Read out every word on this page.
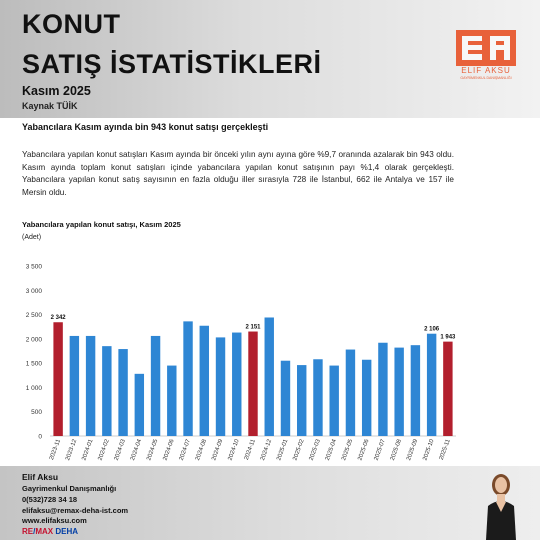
KONUT
SATIŞ İSTATİSTİKLERİ
Kasım 2025
Kaynak TÜİK
ELIF AKSU
GAYRİMENKUL DANIŞMANLIĞI
Yabancılara Kasım ayında bin 943 konut satışı gerçekleşti

Yabancılara yapılan konut satışları Kasım ayında bir önceki yılın aynı ayına göre %9,7 oranında azalarak bin 943 oldu. Kasım ayında toplam konut satışları içinde yabancılara yapılan konut satışının payı %1,4 olarak gerçekleşti. Yabancılara yapılan konut satış sayısının en fazla olduğu iller sırasıyla 728 ile İstanbul, 662 ile Antalya ve 157 ile Mersin oldu.

Yabancılara yapılan konut satışı, Kasım 2025
(Adet)
0
500
1 000
1 500
2 000
2 500
3 000
3 500
2023-11 2023-12 2024-01 2024-02 2024-03 2024-04 2024-05 2024-06 2024-07 2024-08 2024-09 2024-10 2024-11 2024-12 2025-01 2025-02 2025-03 2025-04 2025-05 2025-06 2025-07 2025-08 2025-09 2025-10 2025-11
2 342
2 151	2 106
1 943
Elif Aksu
Gayrimenkul Danışmanlığı
0(532)728 34 18
elifaksu@remax-deha-ist.com
www.elifaksu.com
RE/MAX DEHA
